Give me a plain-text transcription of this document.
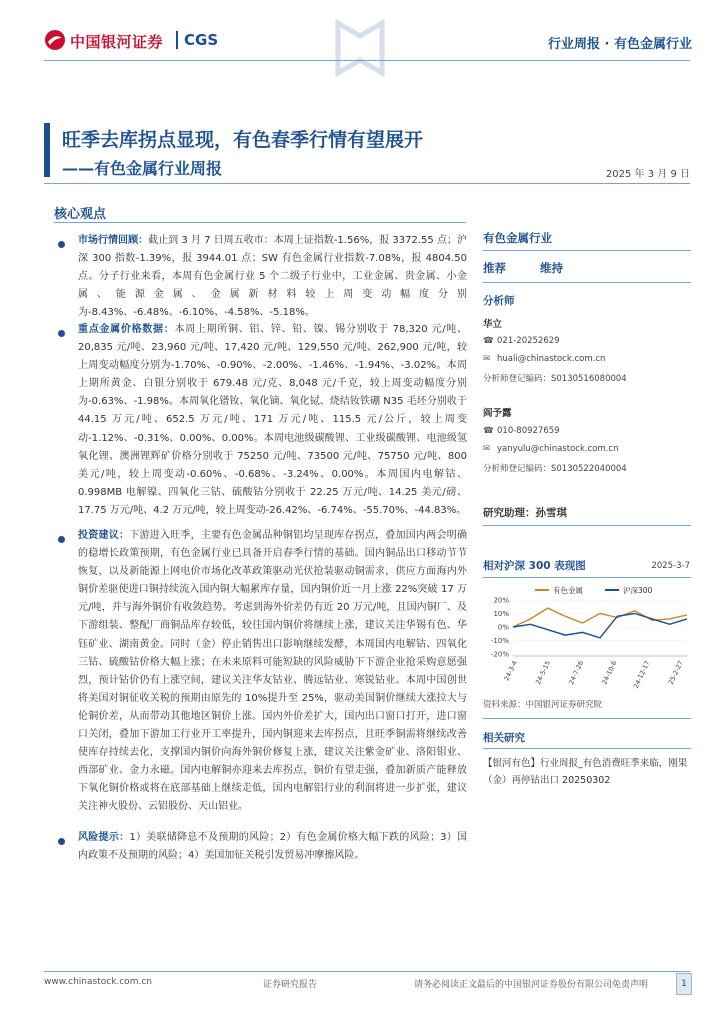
中国银河证券 CGS	行业周报 · 有色金属行业
旺季去库拐点显现，有色春季行情有望展开
——有色金属行业周报	2025 年 3 月 9 日
核心观点
市场行情回顾：截止到 3 月 7 日周五收市：本周上证指数-1.56%，报 3372.55 点；沪深 300 指数-1.39%，报 3944.01 点；SW 有色金属行业指数-7.08%，报 4804.50 点。分子行业来看，本周有色金属行业 5 个二级子行业中，工业金属、贵金属、小金属、能源金属、金属新材料较上周变动幅度分别为-8.43%、-6.48%、-6.10%、-4.58%、-5.18%。
重点金属价格数据：本周上期所铜、铝、锌、铅、镍、锡分别收于 78,320 元/吨、20,835 元/吨、23,960 元/吨、17,420 元/吨、129,550 元/吨、262,900 元/吨，较上周变动幅度分别为-1.70%、-0.90%、-2.00%、-1.46%、-1.94%、-3.02%。本周上期所黄金、白银分别收于 679.48 元/克、8,048 元/千克，较上周变动幅度分别为-0.63%、-1.98%。本周氧化镨钕、氧化镝、氧化铽、烧结钕铁硼 N35 毛坯分别收于 44.15 万元/吨、652.5 万元/吨、171 万元/吨、115.5 元/公斤，较上周变动-1.12%、-0.31%、0.00%、0.00%。本周电池级碳酸锂、工业级碳酸锂、电池级氢氧化锂、澳洲锂辉矿价格分别收于 75250 元/吨、73500 元/吨、75750 元/吨、800 美元/吨，较上周变动-0.60%、-0.68%、-3.24%、0.00%。本周国内电解钴、0.998MB 电解镍、四氧化三钴、硫酸钴分别收于 22.25 万元/吨、14.25 美元/磅、17.75 万元/吨、4.2 万元/吨，较上周变动-26.42%、-6.74%、-55.70%、-44.83%。
投资建议：下游进入旺季，主要有色金属品种铜铝均呈现库存拐点，叠加国内两会明确的稳增长政策预期，有色金属行业已具备开启春季行情的基础。国内铜品出口移动节节恢复，以及新能源上网电价市场化改革政策驱动光伏抢装驱动铜需求，供应方面海内外铜价差驱使进口铜持续流入国内铜大幅累库存量，国内铜价近一月上涨 22%突破 17 万元/吨，并与海外铜价有收敛趋势。考虑到海外价差仍有近 20 万元/吨，且国内铜厂、及下游组装、整配厂商铜品库存较低，较往国内铜价将继续上涨，建议关注华锡有色、华钰矿业、湖南黄金。同时（金）停止销售出口影响继续发酵，本周国内电解钴、四氧化三钴、硫酸钴价格大幅上涨；在未来原料可能短缺的风险威胁下下游企业抢采购意愿强烈，预计钴价仍有上涨空间，建议关注华友钴业、腾远钴业、寒锐钴业。本周中国创世将美国对铜征收关税的预期由原先的 10%提升至 25%，驱动美国铜价继续大涨拉大与伦铜价差，从而带动其他地区铜价上涨。国内外价差扩大，国内出口窗口打开，进口窗口关闭，叠加下游加工行业开工率提升，国内铜迎来去库拐点，且旺季铜需将继续改善使库存持续去化，支撑国内铜价向海外铜价修复上涨，建议关注紫金矿业、洛阳钼业、西部矿业、金力永磁。国内电解铜亦迎来去库拐点，铜价有望走强，叠加新质产能释放下氧化铜价格或将在底部基础上继续走低，国内电解铝行业的利润将进一步扩张，建议关注神火股份、云铝股份、天山铝业。
风险提示：1）美联储降息不及预期的风险；2）有色金属价格大幅下跌的风险；3）国内政策不及预期的风险；4）美国加征关税引发贸易冲摩擦风险。
有色金属行业
推荐	维持
分析师
华立
☎ 021-20252629
✉ huali@chinastock.com.cn
分析师登记编码：S0130516080004
阎予露
☎ 010-80927659
✉ yanyulu@chinastock.com.cn
分析师登记编码：S0130522040004
研究助理：孙雪琪
相对沪深 300 表现图	2025-3-7
有色金属	沪深300
20%
10%
0%
-10%
-20%
24-3-4 24-5-15 24-7-26 24-10-6 24-12-17 25-2-27
资料来源：中国银河证券研究院
相关研究
【银河有色】行业周报_有色消费旺季来临，刚果（金）再停钴出口 20250302
www.chinastock.com.cn	证券研究报告	请务必阅读正文最后的中国银河证券股份有限公司免责声明	1
